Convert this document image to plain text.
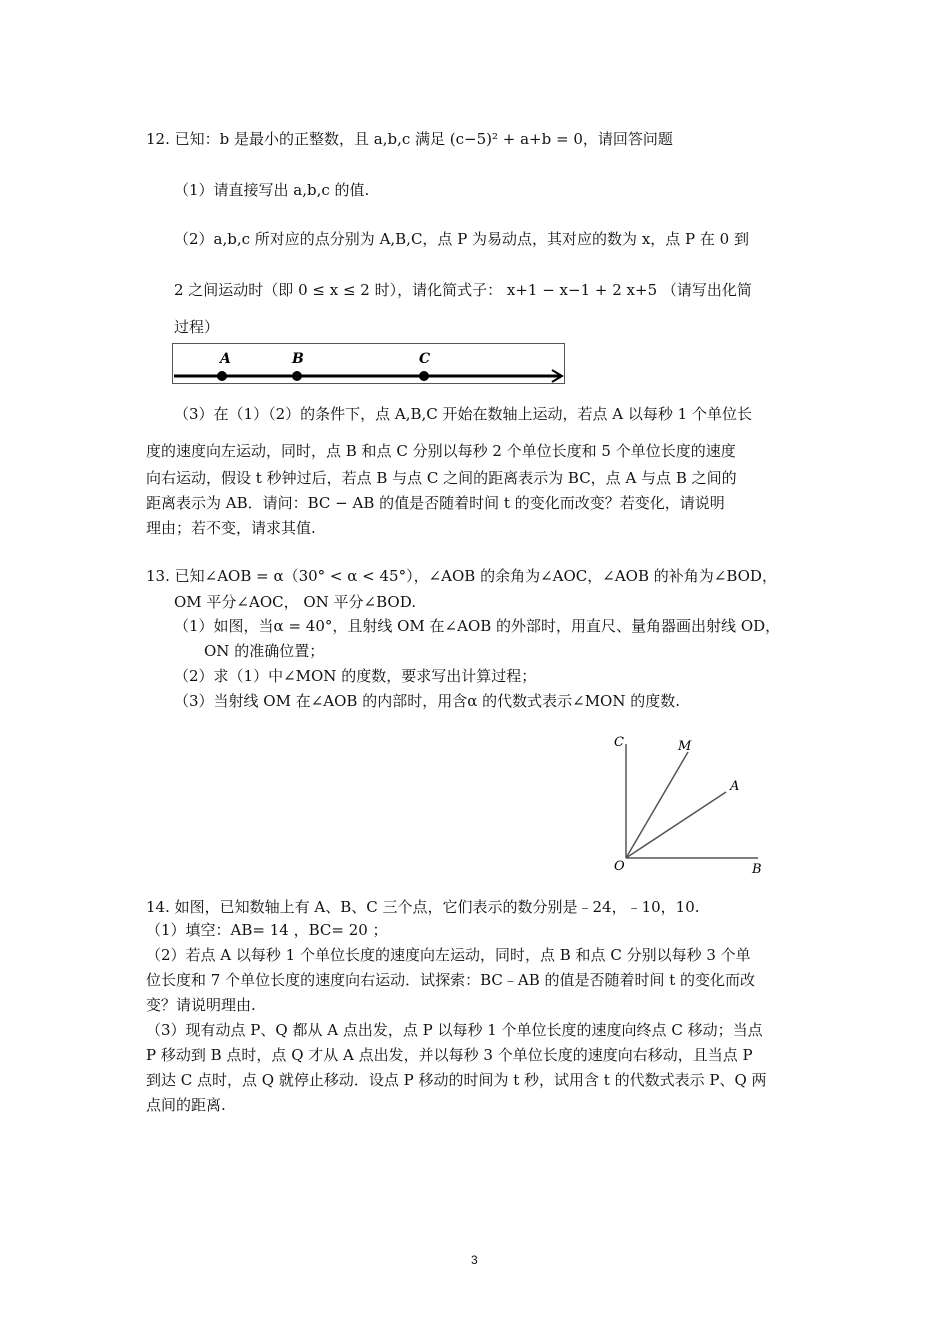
12. 已知：b 是最小的正整数，且 a,b,c 满足 (c−5)² + a+b = 0，请回答问题
（1）请直接写出 a,b,c 的值.
（2）a,b,c 所对应的点分别为 A,B,C，点 P 为易动点，其对应的数为 x，点 P 在 0 到
2 之间运动时（即 0 ≤ x ≤ 2 时），请化简式子： x+1 − x−1 + 2 x+5 （请写出化简
过程）
A	B	C
（3）在（1）（2）的条件下，点 A,B,C 开始在数轴上运动，若点 A 以每秒 1 个单位长
度的速度向左运动，同时，点 B 和点 C 分别以每秒 2 个单位长度和 5 个单位长度的速度
向右运动，假设 t 秒钟过后，若点 B 与点 C 之间的距离表示为 BC，点 A 与点 B 之间的
距离表示为 AB．请问：BC − AB 的值是否随着时间 t 的变化而改变？若变化，请说明
理由；若不变，请求其值.
13. 已知∠AOB = α（30° < α < 45°），∠AOB 的余角为∠AOC，∠AOB 的补角为∠BOD，
OM 平分∠AOC， ON 平分∠BOD.
（1）如图，当α = 40°，且射线 OM 在∠AOB 的外部时，用直尺、量角器画出射线 OD，
ON 的准确位置；
（2）求（1）中∠MON 的度数，要求写出计算过程；
（3）当射线 OM 在∠AOB 的内部时，用含α 的代数式表示∠MON 的度数.
C	M
A
O	B
14. 如图，已知数轴上有 A、B、C 三个点，它们表示的数分别是﹣24，﹣10，10.
（1）填空：AB= 14 ，BC= 20 ；
（2）若点 A 以每秒 1 个单位长度的速度向左运动，同时，点 B 和点 C 分别以每秒 3 个单
位长度和 7 个单位长度的速度向右运动．试探索：BC﹣AB 的值是否随着时间 t 的变化而改
变？请说明理由.
（3）现有动点 P、Q 都从 A 点出发，点 P 以每秒 1 个单位长度的速度向终点 C 移动；当点
P 移动到 B 点时，点 Q 才从 A 点出发，并以每秒 3 个单位长度的速度向右移动，且当点 P
到达 C 点时，点 Q 就停止移动．设点 P 移动的时间为 t 秒，试用含 t 的代数式表示 P、Q 两
点间的距离.
3
